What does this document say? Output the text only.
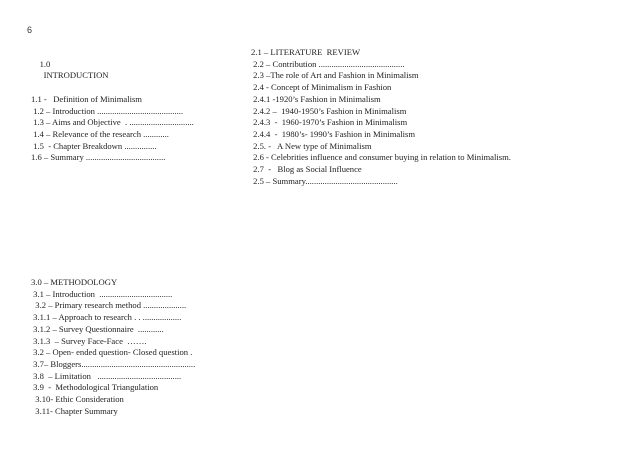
6

1.0
INTRODUCTION

1.1 -   Definition of Minimalism
1.2 – Introduction ........................................
1.3 – Aims and Objective  . ..............................
1.4 – Relevance of the research ............
1.5  - Chapter Breakdown ...............
1.6 – Summary .....................................
2.1 – LITERATURE  REVIEW
2.2 – Contribution ........................................
2.3 –The role of Art and Fashion in Minimalism
2.4 - Concept of Minimalism in Fashion
2.4.1 -1920’s Fashion in Minimalism
2.4.2 –  1940-1950’s Fashion in Minimalism
2.4.3  -  1960-1970’s Fashion in Minimalism
2.4.4  -  1980’s- 1990’s Fashion in Minimalism
2.5. -   A New type of Minimalism
2.6 - Celebrities influence and consumer buying in relation to Minimalism.
2.7  -   Blog as Social Influence
2.5 – Summary...........................................
3.0 – METHODOLOGY
3.1 – Introduction  ..................................
3.2 – Primary research method ....................
3.1.1 – Approach to research . . ..................
3.1.2 – Survey Questionnaire  ............
3.1.3  – Survey Face-Face  …….
3.2 – Open- ended question- Closed question .
3.7– Bloggers.....................................................
3.8  – Limitation   .......................................
3.9  -  Methodological Triangulation
3.10- Ethic Consideration
3.11- Chapter Summary
